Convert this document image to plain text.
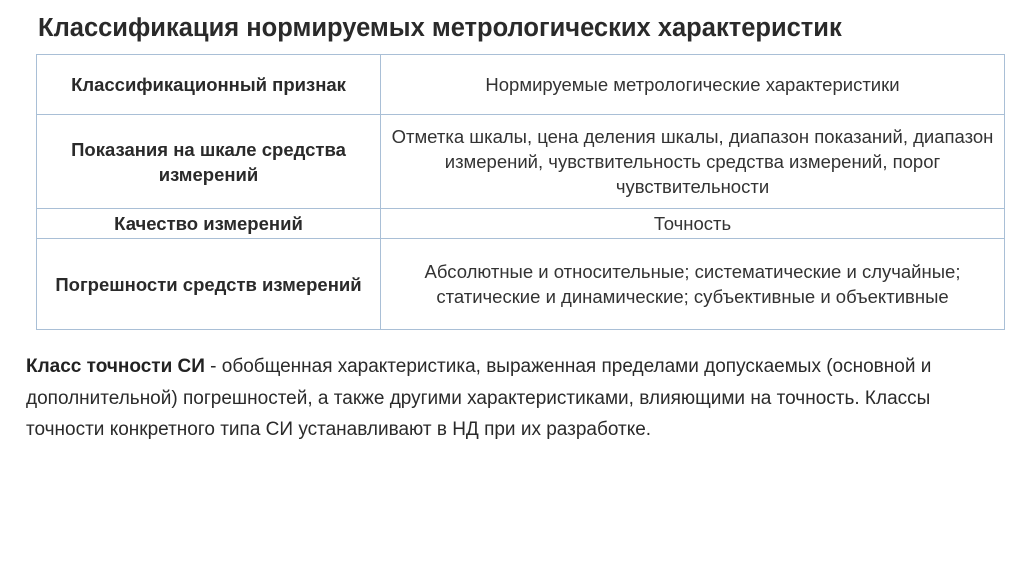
Классификация нормируемых метрологических характеристик
Классификационный признак	Нормируемые метрологические характеристики
Показания на шкале средства измерений	Отметка шкалы, цена деления шкалы, диапазон показаний, диапазон измерений, чувствительность средства измерений, порог чувствительности
Качество измерений	Точность
Погрешности средств измерений	Абсолютные и относительные; систематические и случайные; статические и динамические; субъективные и объективные
Класс точности СИ - обобщенная характеристика, выраженная пределами допускаемых (основной и дополнительной) погрешностей, а также другими характеристиками, влияющими на точность. Классы точности конкретного типа СИ устанавливают в НД при их разработке.
